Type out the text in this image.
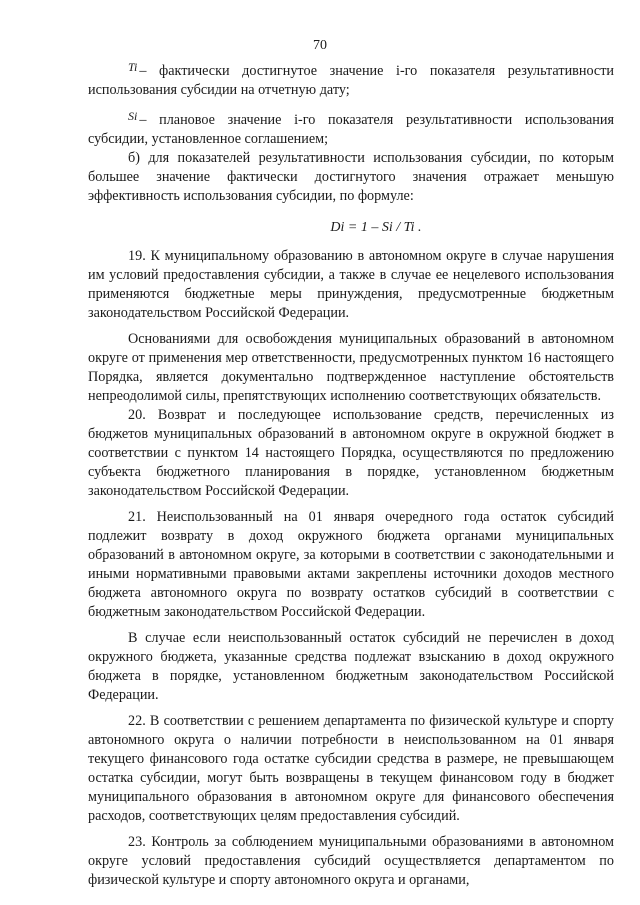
70

$^{Ti}$ – фактически достигнутое значение i-го показателя результативности использования субсидии на отчетную дату;

$^{Si}$ – плановое значение i-го показателя результативности использования субсидии, установленное соглашением;

б) для показателей результативности использования субсидии, по которым большее значение фактически достигнутого значения отражает меньшую эффективность использования субсидии, по формуле:

Di = 1 – Si / Ti .

19. К муниципальному образованию в автономном округе в случае нарушения им условий предоставления субсидии, а также в случае ее нецелевого использования применяются бюджетные меры принуждения, предусмотренные бюджетным законодательством Российской Федерации.

Основаниями для освобождения муниципальных образований в автономном округе от применения мер ответственности, предусмотренных пунктом 16 настоящего Порядка, является документально подтвержденное наступление обстоятельств непреодолимой силы, препятствующих исполнению соответствующих обязательств.

20. Возврат и последующее использование средств, перечисленных из бюджетов муниципальных образований в автономном округе в окружной бюджет в соответствии с пунктом 14 настоящего Порядка, осуществляются по предложению субъекта бюджетного планирования в порядке, установленном бюджетным законодательством Российской Федерации.

21. Неиспользованный на 01 января очередного года остаток субсидий подлежит возврату в доход окружного бюджета органами муниципальных образований в автономном округе, за которыми в соответствии с законодательными и иными нормативными правовыми актами закреплены источники доходов местного бюджета автономного округа по возврату остатков субсидий в соответствии с бюджетным законодательством Российской Федерации.

В случае если неиспользованный остаток субсидий не перечислен в доход окружного бюджета, указанные средства подлежат взысканию в доход окружного бюджета в порядке, установленном бюджетным законодательством Российской Федерации.

22. В соответствии с решением департамента по физической культуре и спорту автономного округа о наличии потребности в неиспользованном на 01 января текущего финансового года остатке субсидии средства в размере, не превышающем остатка субсидии, могут быть возвращены в текущем финансовом году в бюджет муниципального образования в автономном округе для финансового обеспечения расходов, соответствующих целям предоставления субсидий.

23. Контроль за соблюдением муниципальными образованиями в автономном округе условий предоставления субсидий осуществляется департаментом по физической культуре и спорту автономного округа и органами,
